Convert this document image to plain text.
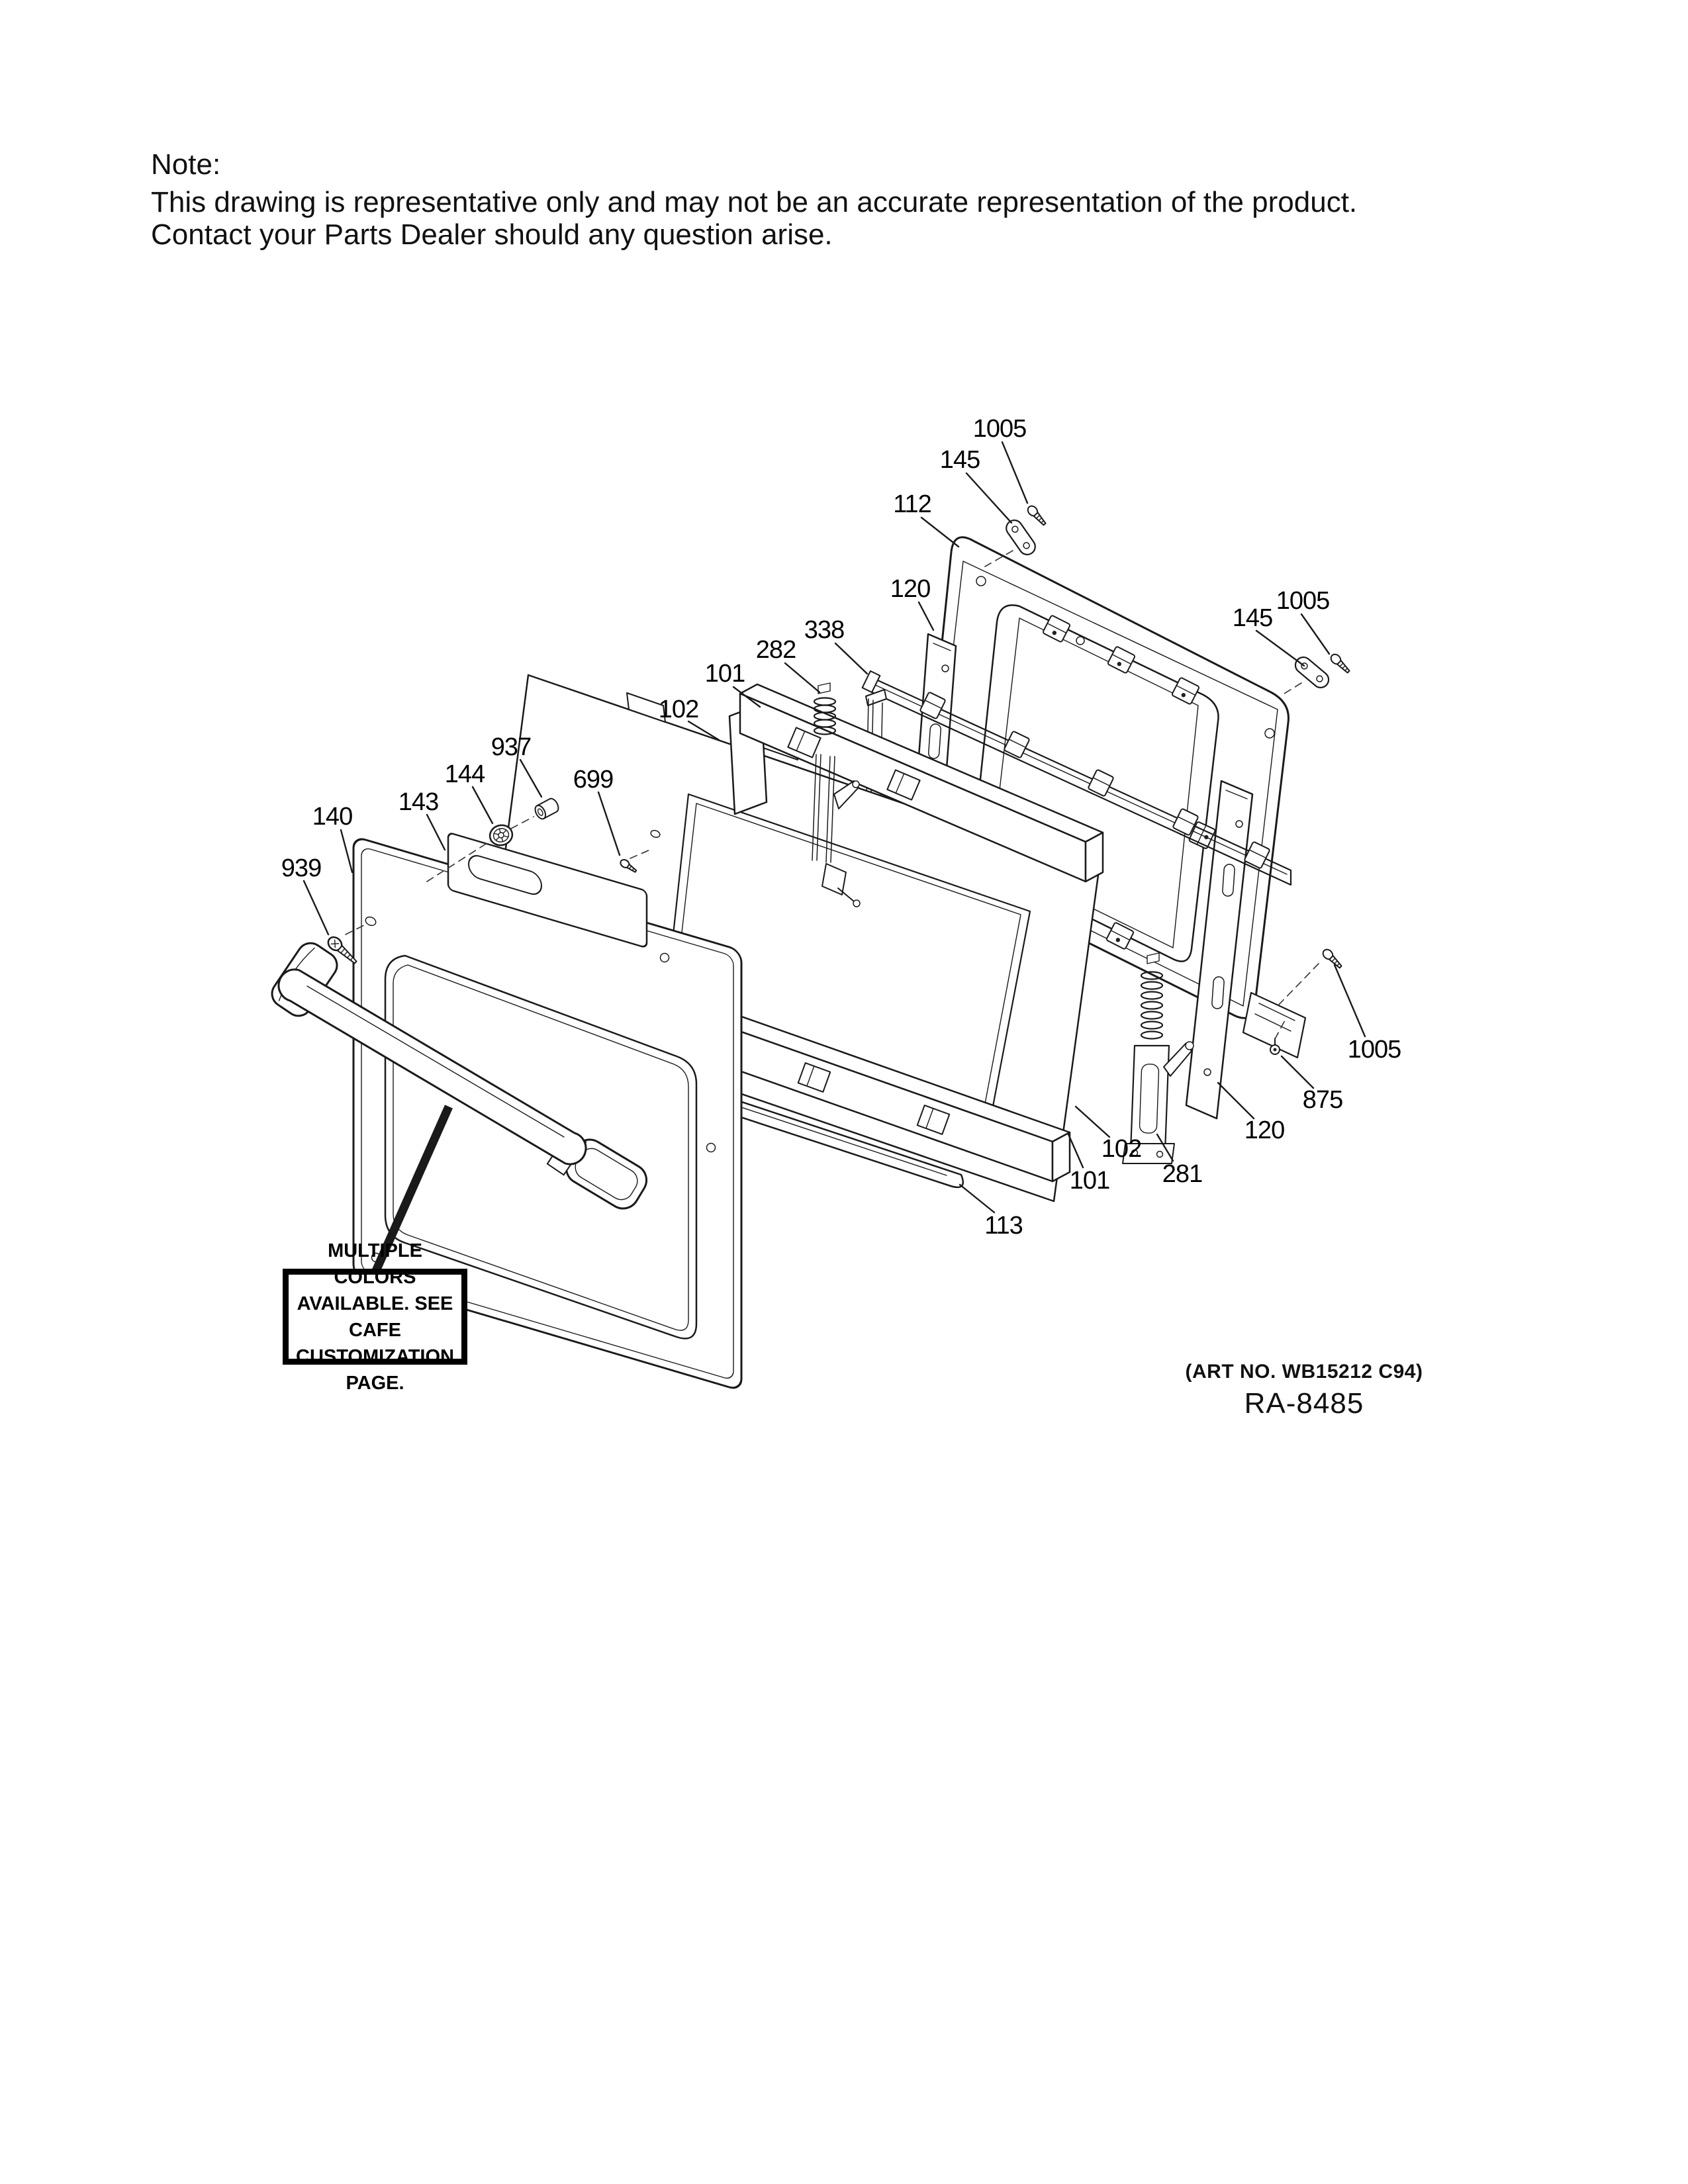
Note:
This drawing is representative only and may not be an accurate representation of the product.
Contact your Parts Dealer should any question arise.
1005
145
112
120
338
282
101
102
937
144	699
143
140
939
1005
145
1005
875
120
281
102
101
113
MULTIPLE COLORS
AVAILABLE. SEE CAFE
CUSTOMIZATION PAGE.
(ART NO. WB15212 C94)
RA-8485
